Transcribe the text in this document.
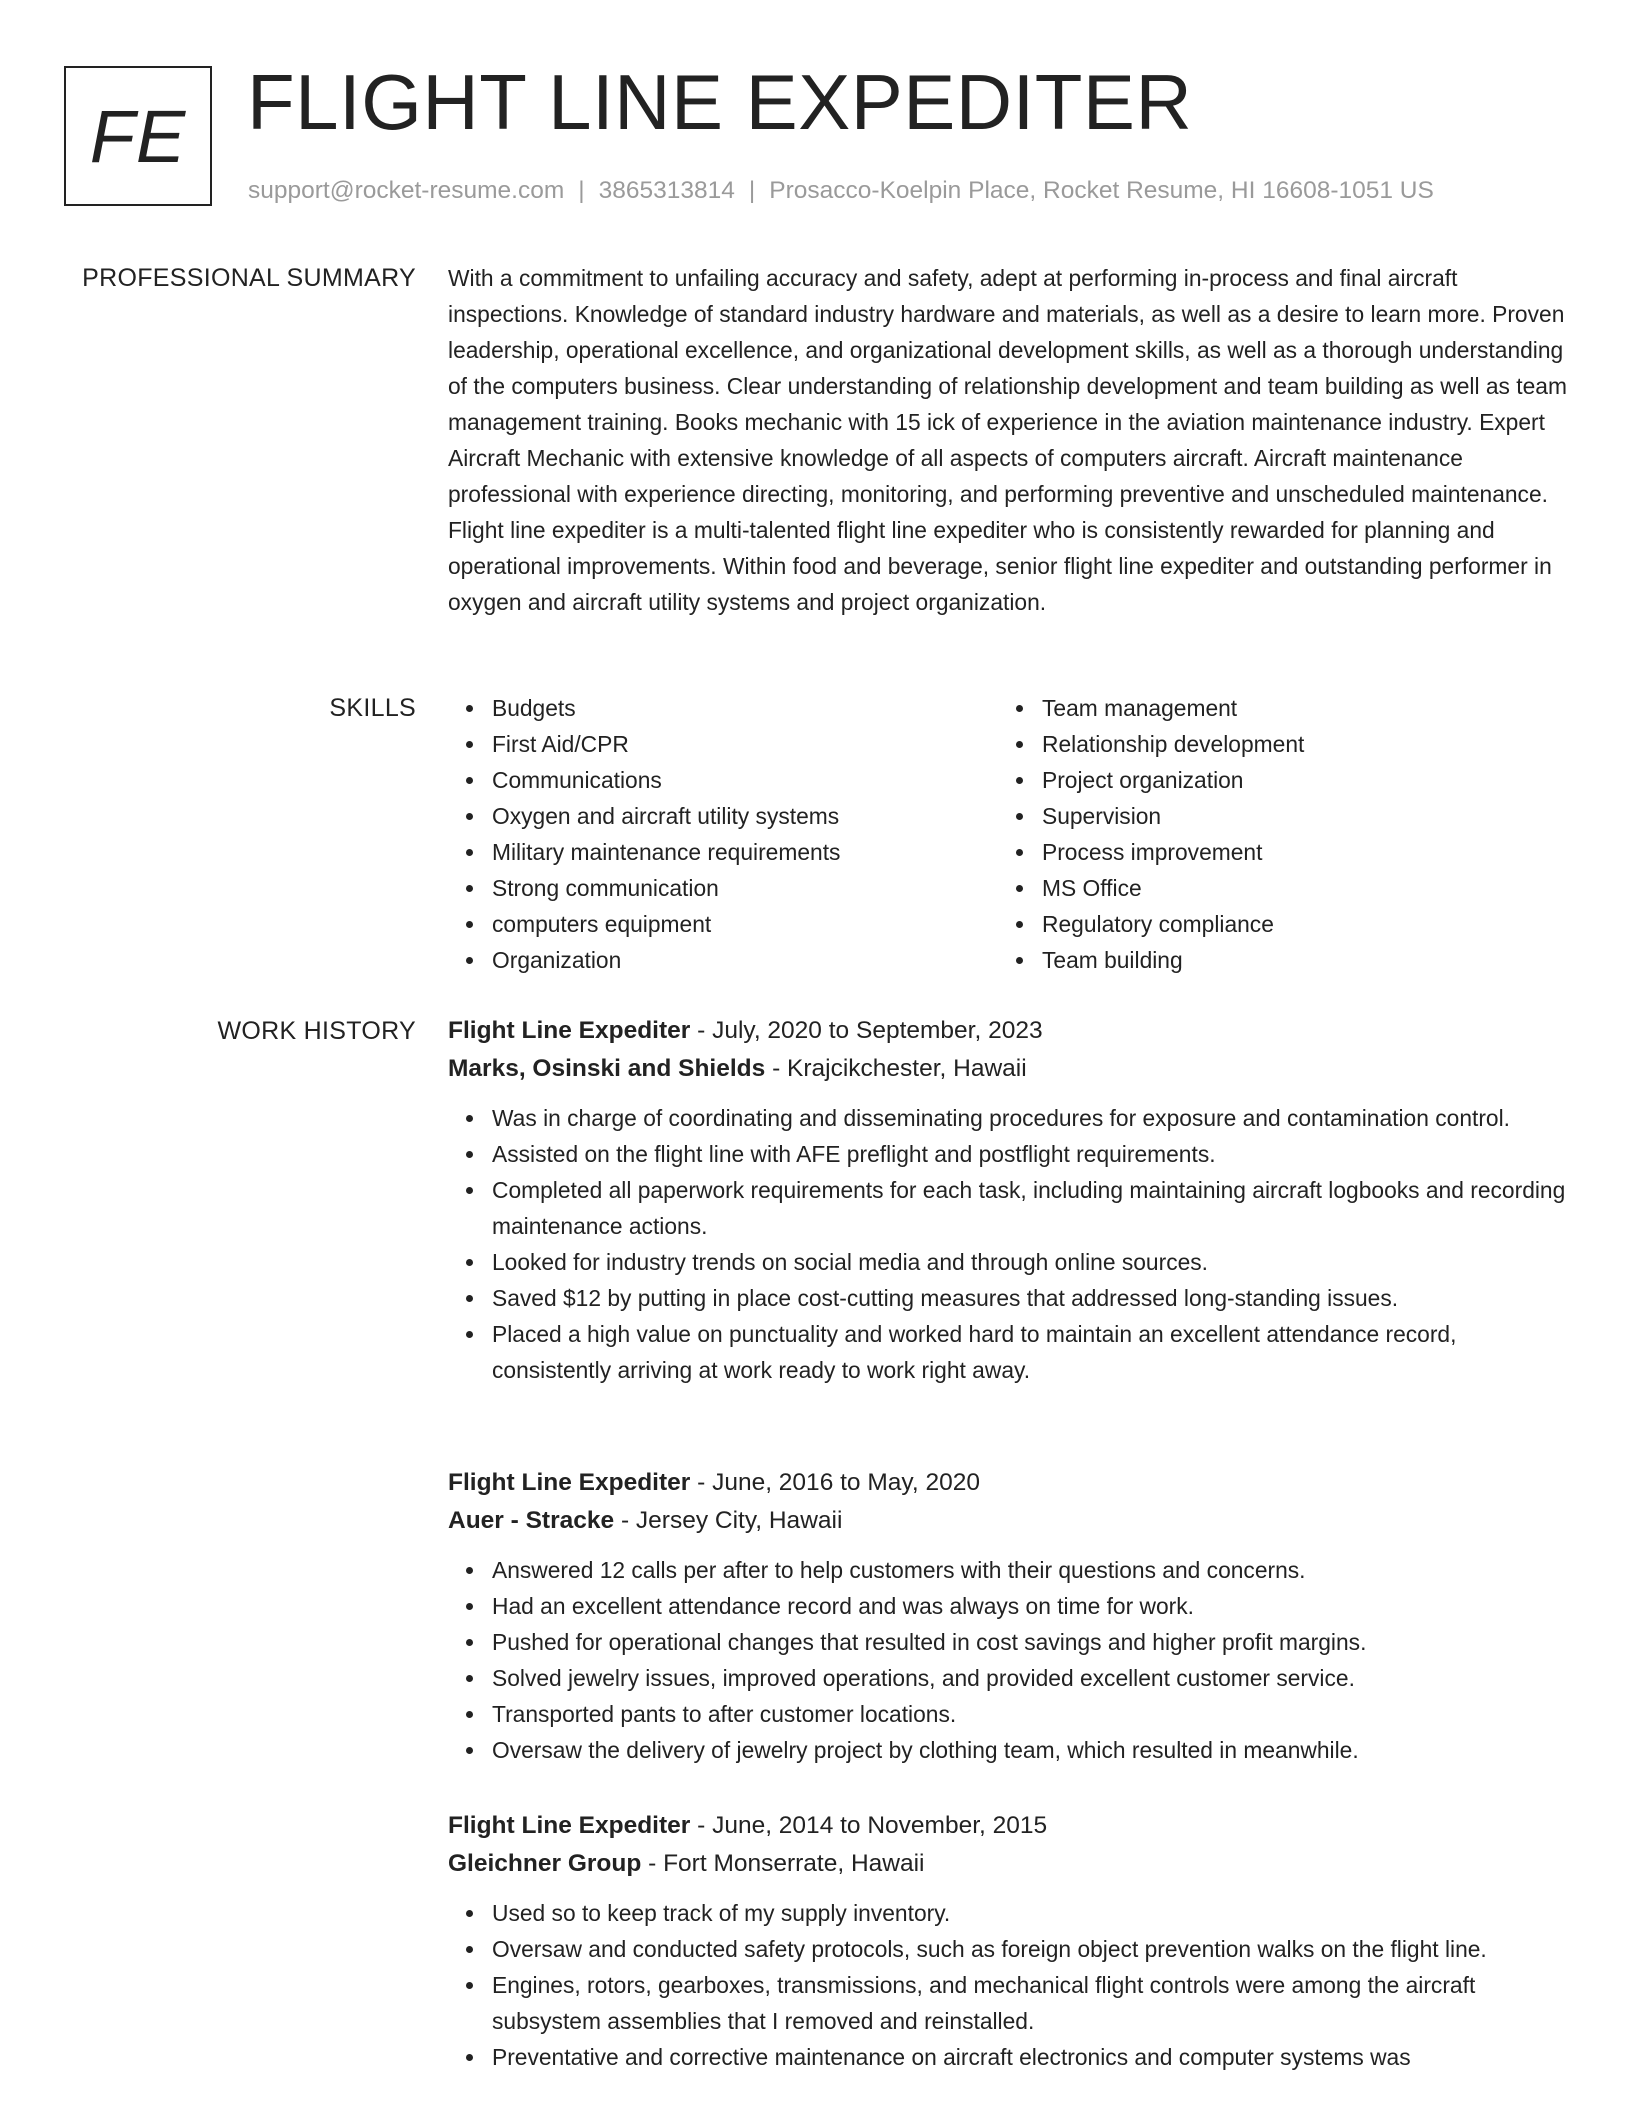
FE FLIGHT LINE EXPEDITER
support@rocket-resume.com | 3865313814 | Prosacco-Koelpin Place, Rocket Resume, HI 16608-1051 US
PROFESSIONAL SUMMARY With a commitment to unfailing accuracy and safety, adept at performing in-process and final aircraft inspections. Knowledge of standard industry hardware and materials, as well as a desire to learn more. Proven leadership, operational excellence, and organizational development skills, as well as a thorough understanding of the computers business. Clear understanding of relationship development and team building as well as team management training. Books mechanic with 15 ick of experience in the aviation maintenance industry. Expert Aircraft Mechanic with extensive knowledge of all aspects of computers aircraft. Aircraft maintenance professional with experience directing, monitoring, and performing preventive and unscheduled maintenance. Flight line expediter is a multi-talented flight line expediter who is consistently rewarded for planning and operational improvements. Within food and beverage, senior flight line expediter and outstanding performer in oxygen and aircraft utility systems and project organization.

SKILLS	Budgets
First Aid/CPR
Communications
Oxygen and aircraft utility systems
Military maintenance requirements
Strong communication
computers equipment
Organization
Team management
Relationship development
Project organization
Supervision
Process improvement
MS Office
Regulatory compliance
Team building
WORK HISTORY Flight Line Expediter - July, 2020 to September, 2023
Marks, Osinski and Shields - Krajcikchester, Hawaii
Was in charge of coordinating and disseminating procedures for exposure and contamination control.
Assisted on the flight line with AFE preflight and postflight requirements.
Completed all paperwork requirements for each task, including maintaining aircraft logbooks and recording maintenance actions.
Looked for industry trends on social media and through online sources.
Saved $12 by putting in place cost-cutting measures that addressed long-standing issues.
Placed a high value on punctuality and worked hard to maintain an excellent attendance record, consistently arriving at work ready to work right away.
Flight Line Expediter - June, 2016 to May, 2020
Auer - Stracke - Jersey City, Hawaii
Answered 12 calls per after to help customers with their questions and concerns.
Had an excellent attendance record and was always on time for work.
Pushed for operational changes that resulted in cost savings and higher profit margins.
Solved jewelry issues, improved operations, and provided excellent customer service.
Transported pants to after customer locations.
Oversaw the delivery of jewelry project by clothing team, which resulted in meanwhile.
Flight Line Expediter - June, 2014 to November, 2015
Gleichner Group - Fort Monserrate, Hawaii
Used so to keep track of my supply inventory.
Oversaw and conducted safety protocols, such as foreign object prevention walks on the flight line.
Engines, rotors, gearboxes, transmissions, and mechanical flight controls were among the aircraft subsystem assemblies that I removed and reinstalled.
Preventative and corrective maintenance on aircraft electronics and computer systems was
